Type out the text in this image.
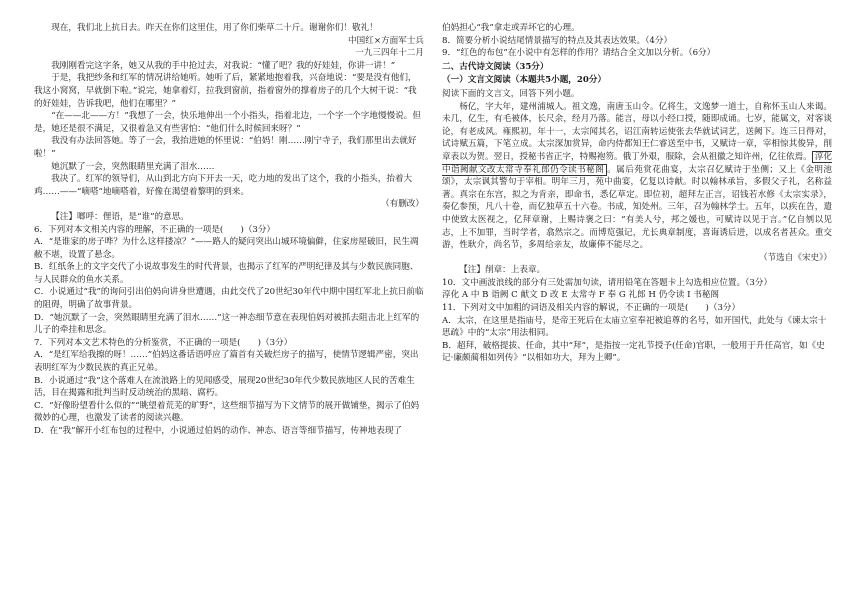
现在，我们北上抗日去。昨天在你们这里住，用了你们柴草二十斤。谢谢你们！敬礼！

中国红×方面军士兵

一九三四年十二月

我刚刚看完这字条，她又从我的手中抢过去，对我说：“懂了吧？我的好娃娃，你讲一讲！”

于是，我把纱条和红军的情况讲给她听。她听了后，紧紧地抱着我，兴奋地说：“要是没有他们，我这小窝窝，早就倒下啦。”说完，她拿着灯，拉我到窗前，指着窗外的撑着房子的几个大树干说：“我的好娃娃，告诉我吧，他们在哪里？”

“在——北——方！”我想了一会，快乐地伸出一个小指头，指着北边，一个字一个字地慢慢说。但是，她还是很不满足，又很着急又有些害怕：“他们什么时候回来呀？”

我没有办法回答她。等了一会，我抬进她的怀里说：“伯妈！刚……刚宁寺子，我们那里出去就好啦！”

她沉默了一会，突然眼睛里充满了泪水……

我决了。红军的领导们，从山到北方向下开去一天，吃力地的发出了这个，我的小指头，抬着大鸡……——“嘀嗒”地嘀嗒着，好像在渴望着黎明的到来。

（有删改）

【注】啷呼：俚语，是“谁”的意思。

6．下列对本文相关内容的理解，不正确的一项是(　　)（3分）

A．“是谁家的房子哗？为什么这样搂凉？”——路人的疑问突出山城环境偏僻，住家房屋破旧，民生凋敝不堪，设置了悬念。

B．红纸条上的文字交代了小说故事发生的时代背景，也揭示了红军的严明纪律及其与少数民族同胞、与人民群众的鱼水关系。

C．小说通过“我”的询问引出伯妈向讲身世遭遇，由此交代了20世纪30年代中期中国红军北上抗日前临的阻碍，明确了故事背景。

D．“她沉默了一会，突然眼睛里充满了泪水……”这一神态细节意在表现伯妈对被抓去阻击北上红军的儿子的牵挂和思念。

7．下列对本文艺术特色的分析鉴赏，不正确的一项是(　　)（3分）

A．“是红军给我擦的呀！……”伯妈这番话语呼应了篇首有关破烂房子的描写，使情节逻辑严密，突出表明红军为少数民族的真正兄弟。

B．小说通过“我”这个落难人在流浪路上的见闻感受，展现20世纪30年代少数民族地区人民的苦难生活，目在揭露和批判当时反动统治的黑暗、腐朽。

C．“好像盼望看什么似的”“眺望着荒芜的旷野”，这些细节描写为下文情节的展开做铺垫，揭示了伯妈微妙的心理，也激发了读者的阅读兴趣。

D．在“我”解开小红布包的过程中，小说通过伯妈的动作、神态、语言等细节描写，传神地表现了

伯妈担心“我”拿走或弄坏它的心理。

8．简要分析小说结尾情景描写的特点及其表达效果。（4分）

9．“红色的布包”在小说中有怎样的作用？请结合全文加以分析。（6分）

二、古代诗文阅读（35分）

（一）文言文阅读（本题共5小题，20分）

阅读下面的文言文，回答下列小题。

杨亿，字大年，建州浦城人。祖文逸，南唐玉山令。亿将生，文逸梦一道士，自称怀玉山人来谒。未几，亿生，有毛被体，长尺余，经月乃落。能言，母以小经口授，随即成诵。七岁，能属文，对客谈论，有老成风。雍熙初，年十一，太宗闻其名，诏江南转运使张去华就试词艺，送阙下。连三日得对，试诗赋五篇，下笔立成。太宗深加赏异，命内侍都知王仁睿送至中书，又赋诗一章，宰相惊其俊异，削章表以为贺。翌日，授秘书省正字，特赐袍笏。俄丁外艰，服除，会从祖徽之知许州，亿往依焉。 淳化中诣阙献文改太常寺奉礼郎仍令读书秘阁 。属后苑赏花曲宴，太宗召亿赋诗于坐侧；又上《金明池颂》，太宗讽其警句于宰相。明年三月，苑中曲宴，亿复以诗献。时以翰林承旨，多假父子礼，名称益著。真宗在东宫，拟之为肯亲，即命书，悉亿草定。即位初，超拜左正言，诏钱若水修《太宗实录》，奏亿参预，凡八十卷，而亿独草五十六卷。书成，知处州。三年，召为翰林学士。五年，以疾在告，遣中使致太医视之，亿拜章谢，上赐诗褒之曰：“有美人兮，邦之媛也，可赋诗以见于言。”亿自刎以见志，上不加罪，当时学者，翕然宗之。而博览强记，尤长典章制度，喜诲诱后进，以成名者甚众。重交游，性耿介，尚名节，多周给亲友，故廉俸不能尽之。

（节选自《宋史》）

【注】削章：上表章。

10．文中画波浪线的部分有三处需加句读，请用铅笔在答题卡上勾选相应位置。（3分）

淳化 A 中 B 诣阙 C 献文 D 改 E 太常寺 F 奉 G 礼郎 H 仍令读 I 书秘阁

11．下列对文中加粗的词语及相关内容的解说，不正确的一项是(　　)（3分）

A．太宗，在这里是指庙号，是帝王死后在太庙立室奉祀被追尊的名号，如开国代，此处与《谏太宗十思疏》中的“太宗”用法相同。

B．超拜，破格提拔、任命，其中“拜”，是指按一定礼节授予(任命)官职，一般用于升任高官，如《史记·廉颇蔺相如列传》“以相如功大，拜为上卿”。
